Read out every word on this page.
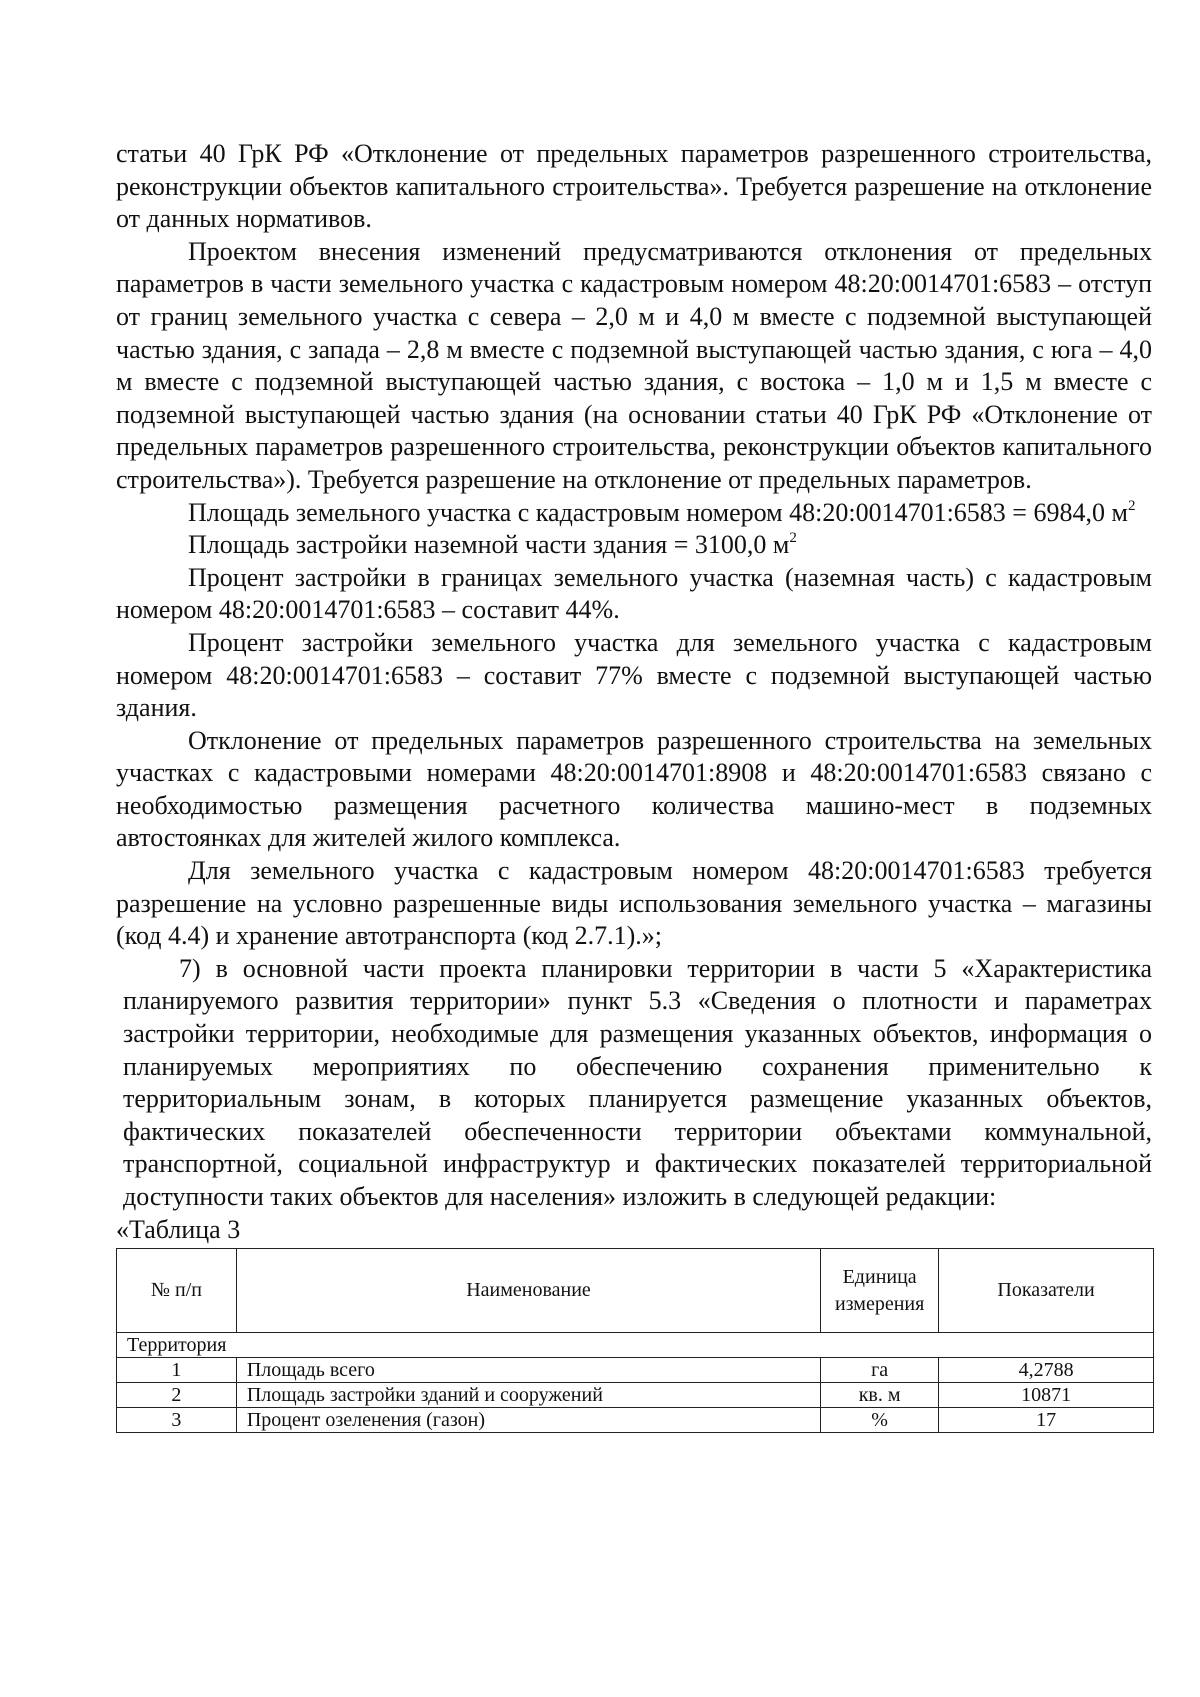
статьи 40 ГрК РФ «Отклонение от предельных параметров разрешенного строительства, реконструкции объектов капитального строительства». Требуется разрешение на отклонение от данных нормативов.

Проектом внесения изменений предусматриваются отклонения от предельных параметров в части земельного участка с кадастровым номером 48:20:0014701:6583 – отступ от границ земельного участка с севера – 2,0 м и 4,0 м вместе с подземной выступающей частью здания, с запада – 2,8 м вместе с подземной выступающей частью здания, с юга – 4,0 м вместе с подземной выступающей частью здания, с востока – 1,0 м и 1,5 м вместе с подземной выступающей частью здания (на основании статьи 40 ГрК РФ «Отклонение от предельных параметров разрешенного строительства, реконструкции объектов капитального строительства»). Требуется разрешение на отклонение от предельных параметров.

Площадь земельного участка с кадастровым номером 48:20:0014701:6583 = 6984,0 $м^2$

Площадь застройки наземной части здания = 3100,0 $м^2$

Процент застройки в границах земельного участка (наземная часть) с кадастровым номером 48:20:0014701:6583 – составит 44%.

Процент застройки земельного участка для земельного участка с кадастровым номером 48:20:0014701:6583 – составит 77% вместе с подземной выступающей частью здания.

Отклонение от предельных параметров разрешенного строительства на земельных участках с кадастровыми номерами 48:20:0014701:8908 и 48:20:0014701:6583 связано с необходимостью размещения расчетного количества машино-мест в подземных автостоянках для жителей жилого комплекса.

Для земельного участка с кадастровым номером 48:20:0014701:6583 требуется разрешение на условно разрешенные виды использования земельного участка – магазины (код 4.4) и хранение автотранспорта (код 2.7.1).»;

7) в основной части проекта планировки территории в части 5 «Характеристика планируемого развития территории» пункт 5.3 «Сведения о плотности и параметрах застройки территории, необходимые для размещения указанных объектов, информация о планируемых мероприятиях по обеспечению сохранения применительно к территориальным зонам, в которых планируется размещение указанных объектов, фактических показателей обеспеченности территории объектами коммунальной, транспортной, социальной инфраструктур и фактических показателей территориальной доступности таких объектов для населения» изложить в следующей редакции:

«Таблица 3

№ п/п	Наименование	Единица измерения	Показатели
Территория			
1	Площадь всего	га	4,2788
2	Площадь застройки зданий и сооружений	кв. м	10871
3	Процент озеленения (газон)	%	17
